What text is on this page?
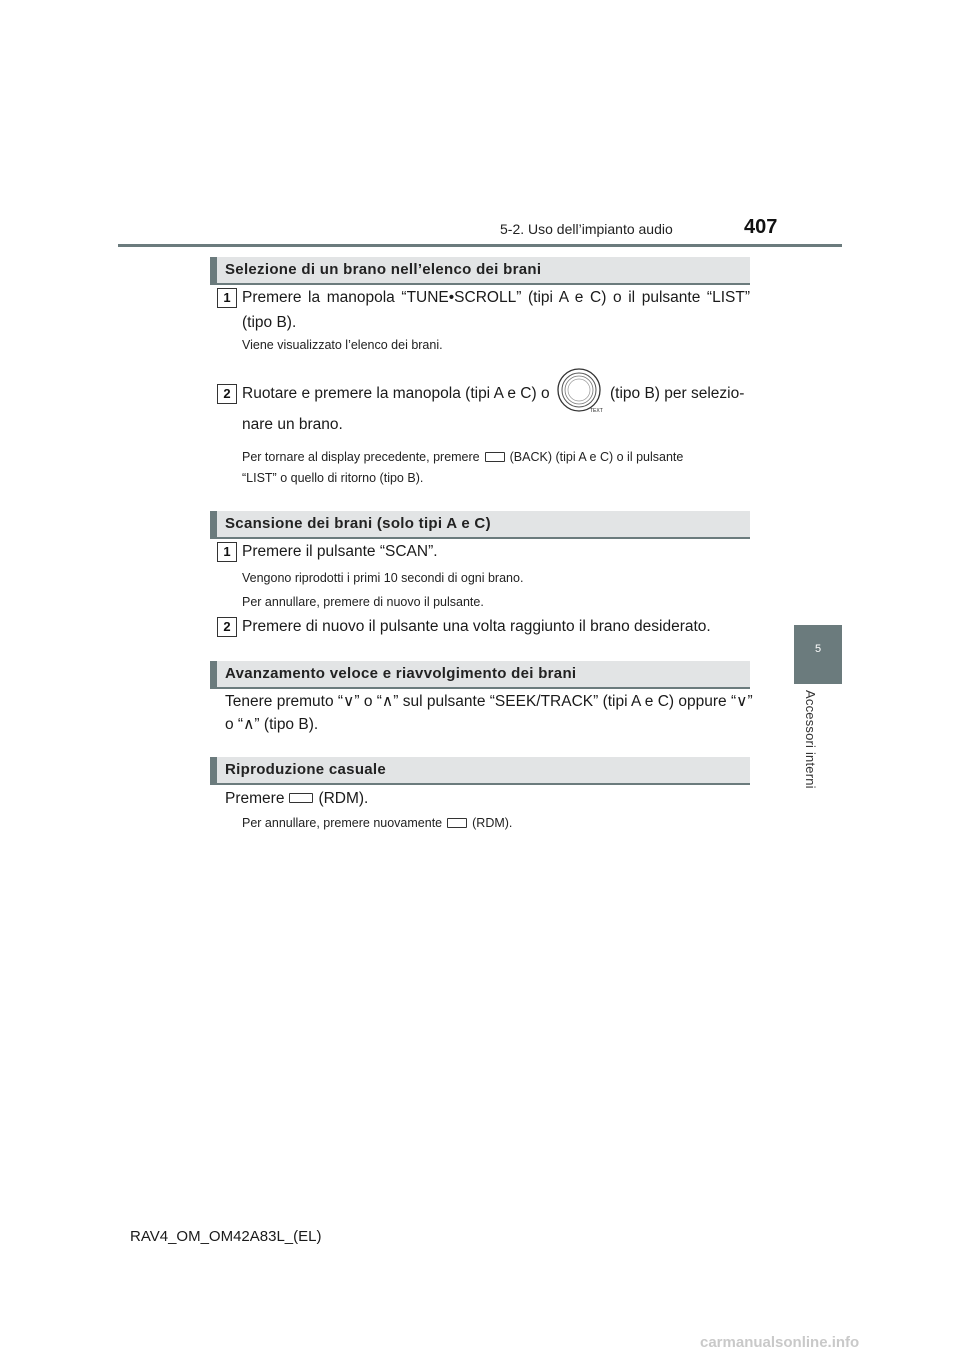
5-2. Uso dell’impianto audio	407
5
Accessori interni
Selezione di un brano nell’elenco dei brani
1 Premere la manopola “TUNE•SCROLL” (tipi A e C) o il pulsante “LIST” (tipo B).
Viene visualizzato l’elenco dei brani.
2 Ruotare e premere la manopola (tipi A e C) o
TEXT
(tipo B) per selezio-
nare un brano.
Per tornare al display precedente, premere (BACK) (tipi A e C) o il pulsante
“LIST” o quello di ritorno (tipo B).
Scansione dei brani (solo tipi A e C)
1 Premere il pulsante “SCAN”.
Vengono riprodotti i primi 10 secondi di ogni brano.
Per annullare, premere di nuovo il pulsante.
2 Premere di nuovo il pulsante una volta raggiunto il brano desiderato.
Avanzamento veloce e riavvolgimento dei brani
Tenere premuto “∨” o “∧” sul pulsante “SEEK/TRACK” (tipi A e C) oppure “∨”
o “∧” (tipo B).
Riproduzione casuale
Premere (RDM).
Per annullare, premere nuovamente (RDM).
RAV4_OM_OM42A83L_(EL)
carmanualsonline.info
